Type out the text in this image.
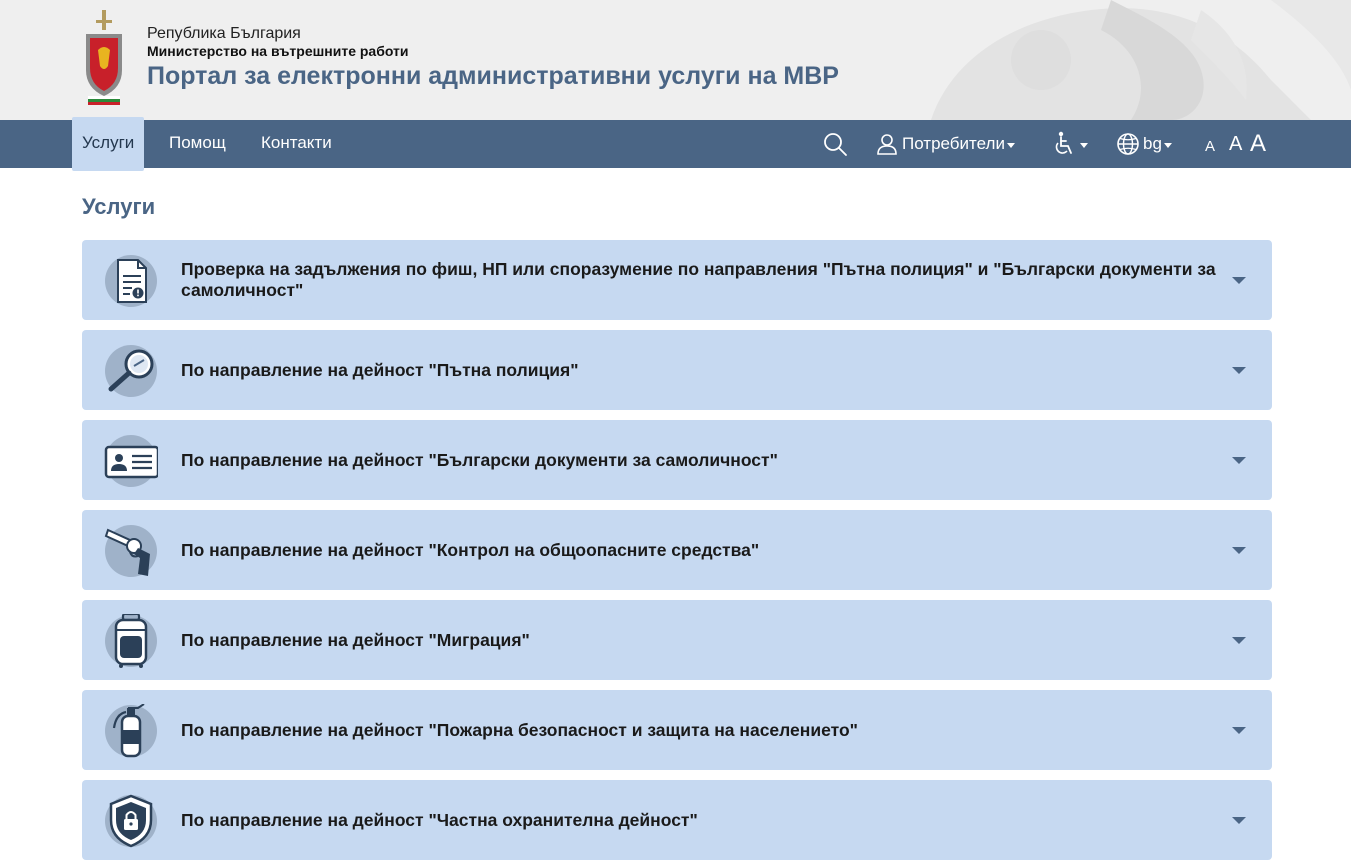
Република България
Министерство на вътрешните работи
Портал за електронни административни услуги на МВР
Услуги	Помощ Контакти	Потребители	bg	A A A
Услуги
Проверка на задължения по фиш, НП или споразумение по направления "Пътна полиция" и "Български документи за самоличност"
По направление на дейност "Пътна полиция"
По направление на дейност "Български документи за самоличност"
По направление на дейност "Контрол на общоопасните средства"
По направление на дейност "Миграция"
По направление на дейност "Пожарна безопасност и защита на населението"
По направление на дейност "Частна охранителна дейност"
